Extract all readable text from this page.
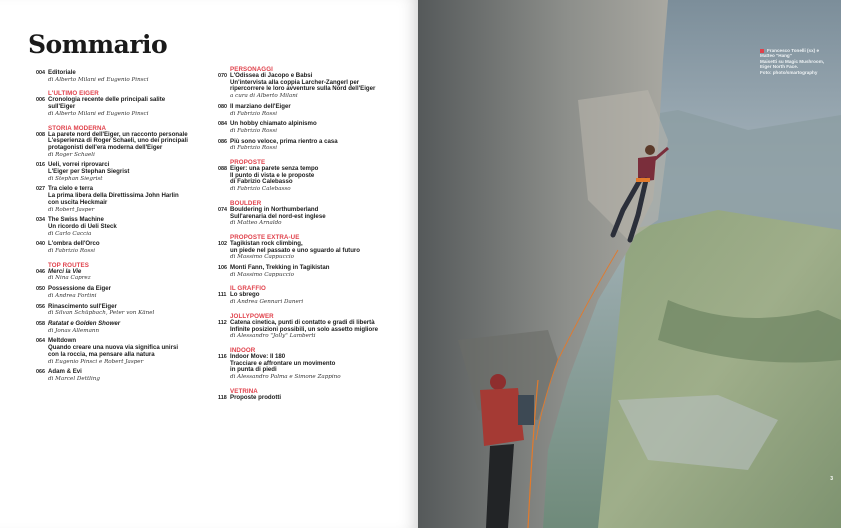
Sommario
004 Editoriale
di Alberto Milani ed Eugenio Pinsci
L'ULTIMO EIGER
006 Cronologia recente delle principali salite
sull'Eiger
di Alberto Milani ed Eugenio Pinsci
STORIA MODERNA
008 La parete nord dell'Eiger, un racconto personale
L'esperienza di Roger Schaeli, uno dei principali
protagonisti dell'era moderna dell'Eiger
di Roger Schaeli
016 Ueli, vorrei riprovarci
L'Eiger per Stephan Siegrist
di Stephan Siegrist
027 Tra cielo e terra
La prima libera della Direttissima John Harlin
con uscita Heckmair
di Robert Jasper
034 The Swiss Machine
Un ricordo di Ueli Steck
di Carlo Caccia
040 L'ombra dell'Orco
di Fabrizio Rossi
TOP ROUTES
046 Merci la Vie
di Nina Caprez
050 Possessione da Eiger
di Andrea Fortini
056 Rinascimento sull'Eiger
di Silvan Schüpbach, Peter von Känel
058 Ratatat e Golden Shower
di Jonas Allemann
064 Meltdown
Quando creare una nuova via significa unirsi
con la roccia, ma pensare alla natura
di Eugenio Pinsci e Robert Jasper
066 Adam & Evi
di Marcel Dettling
PERSONAGGI
070 L'Odissea di Jacopo e Babsi
Un'intervista alla coppia Larcher-Zangerl per
ripercorrere le loro avventure sulla Nord dell'Eiger
a cura di Alberto Milani
080 Il marziano dell'Eiger
di Fabrizio Rossi
084 Un hobby chiamato alpinismo
di Fabrizio Rossi
086 Più sono veloce, prima rientro a casa
di Fabrizio Rossi
PROPOSTE
088 Eiger: una parete senza tempo
Il punto di vista e le proposte
di Fabrizio Calebasso
di Fabrizio Calebasso
BOULDER
074 Bouldering in Northumberland
Sull'arenaria del nord-est inglese
di Matteo Arnaldo
PROPOSTE EXTRA-UE
102 Tagikistan rock climbing,
un piede nel passato e uno sguardo al futuro
di Massimo Cappuccio
106 Monti Fann, Trekking in Tagikistan
di Massimo Cappuccio
IL GRAFFIO
111 Lo sbrego
di Andrea Gennari Daneri
JOLLYPOWER
112 Catena cinetica, punti di contatto e gradi di libertà
Infinite posizioni possibili, un solo assetto migliore
di Alessandro "Jolly" Lamberti
INDOOR
116 Indoor Move: Il 180
Tracciare e affrontare un movimento
in punta di piedi
di Alessandro Palma e Simone Zappino
VETRINA
118 Proposte prodotti
Francesco Tonelli (sx) e Matteo "Hang"
Maisetti su Magic Mushroom,
Eiger North Face.
Foto: photo/smartography
3
